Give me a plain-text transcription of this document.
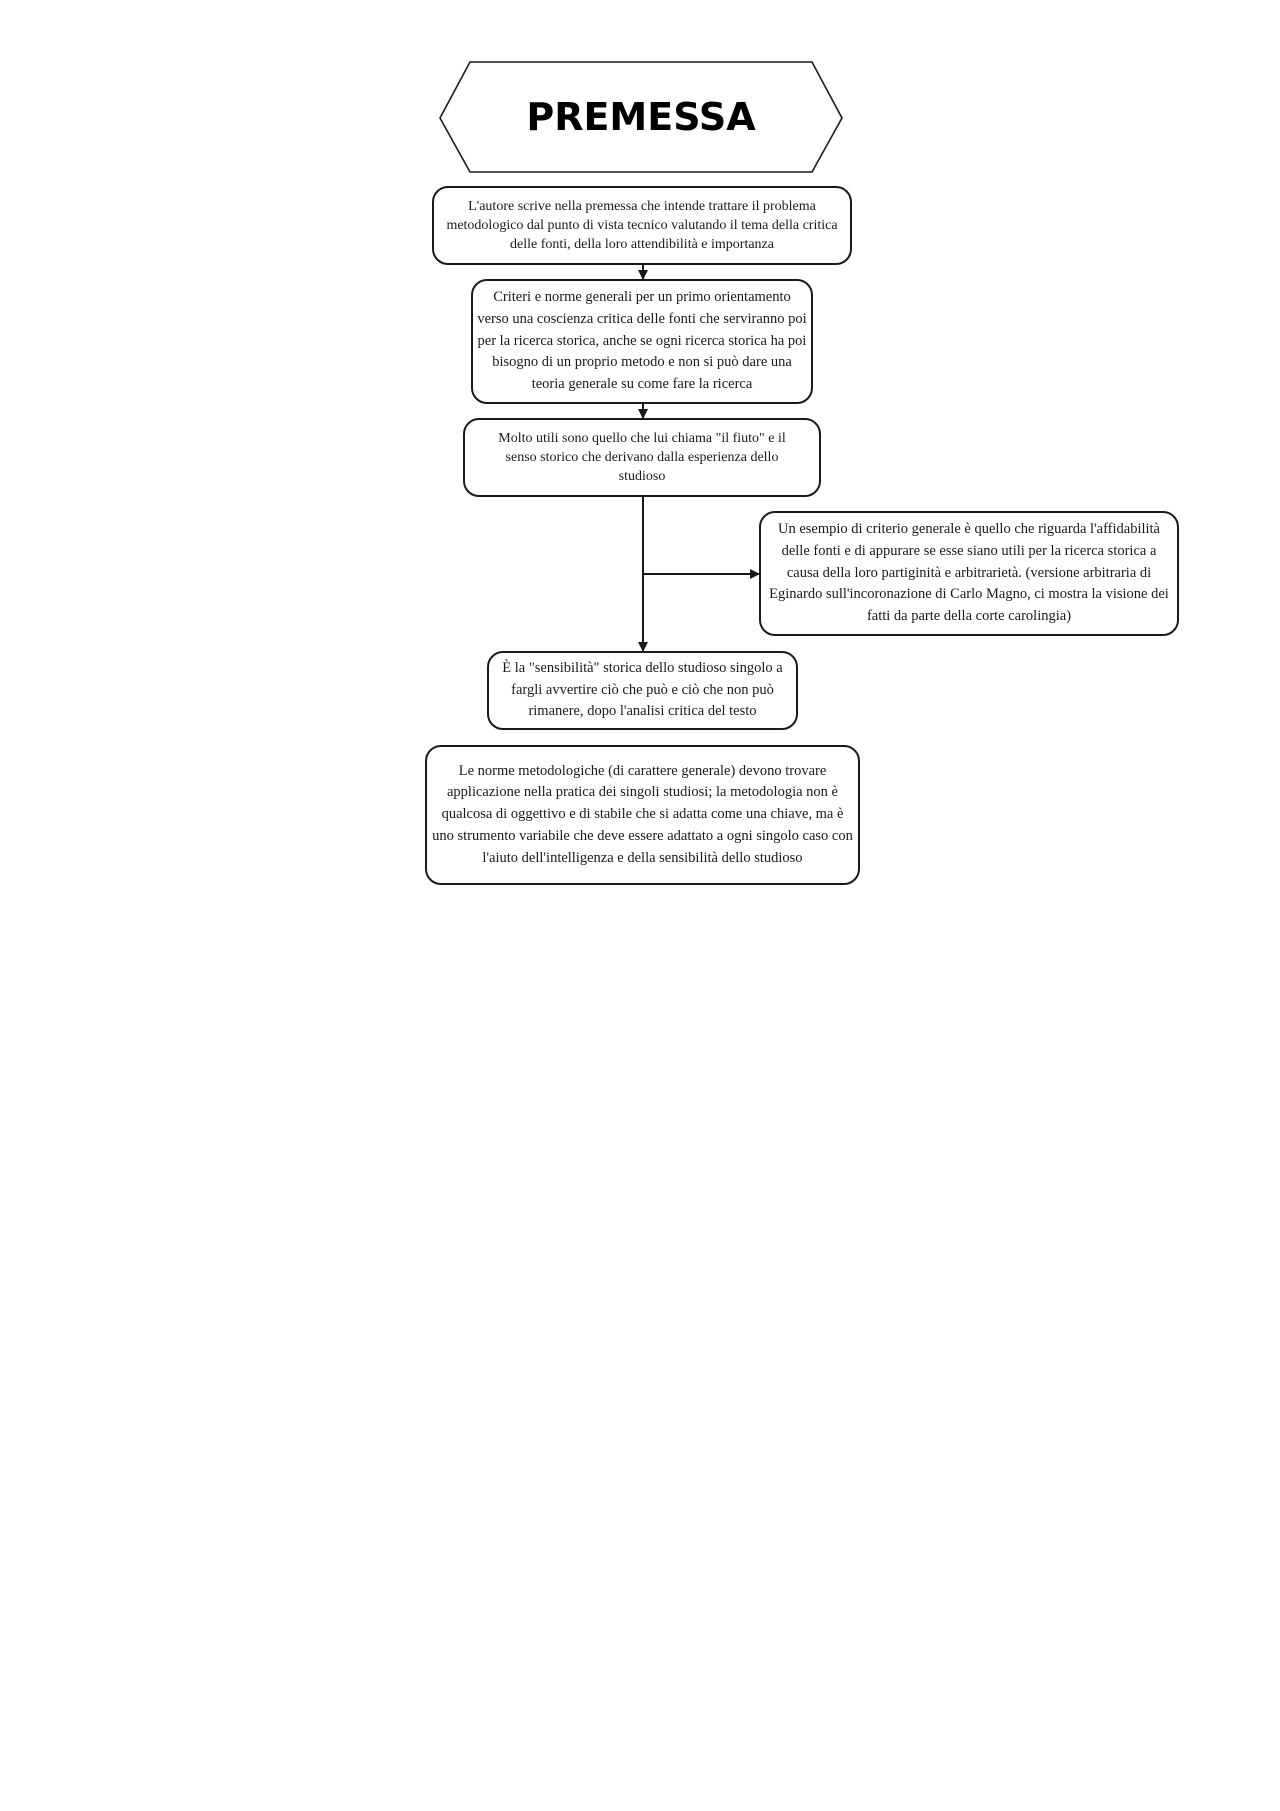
PREMESSA
L'autore scrive nella premessa che intende trattare il problema metodologico dal punto di vista tecnico valutando il tema della critica delle fonti, della loro attendibilità e importanza
Criteri e norme generali per un primo orientamento verso una coscienza critica delle fonti che serviranno poi per la ricerca storica, anche se ogni ricerca storica ha poi bisogno di un proprio metodo e non si può dare una teoria generale su come fare la ricerca
Molto utili sono quello che lui chiama "il fiuto" e il senso storico che derivano dalla esperienza dello studioso
Un esempio di criterio generale è quello che riguarda l'affidabilità delle fonti e di appurare se esse siano utili per la ricerca storica a causa della loro partiginità e arbitrarietà. (versione arbitraria di Eginardo sull'incoronazione di Carlo Magno, ci mostra la visione dei fatti da parte della corte carolingia)
È la "sensibilità" storica dello studioso singolo a fargli avvertire ciò che può e ciò che non può rimanere, dopo l'analisi critica del testo
Le norme metodologiche (di carattere generale) devono trovare applicazione nella pratica dei singoli studiosi; la metodologia non è qualcosa di oggettivo e di stabile che si adatta come una chiave, ma è uno strumento variabile che deve essere adattato a ogni singolo caso con l'aiuto dell'intelligenza e della sensibilità dello studioso
